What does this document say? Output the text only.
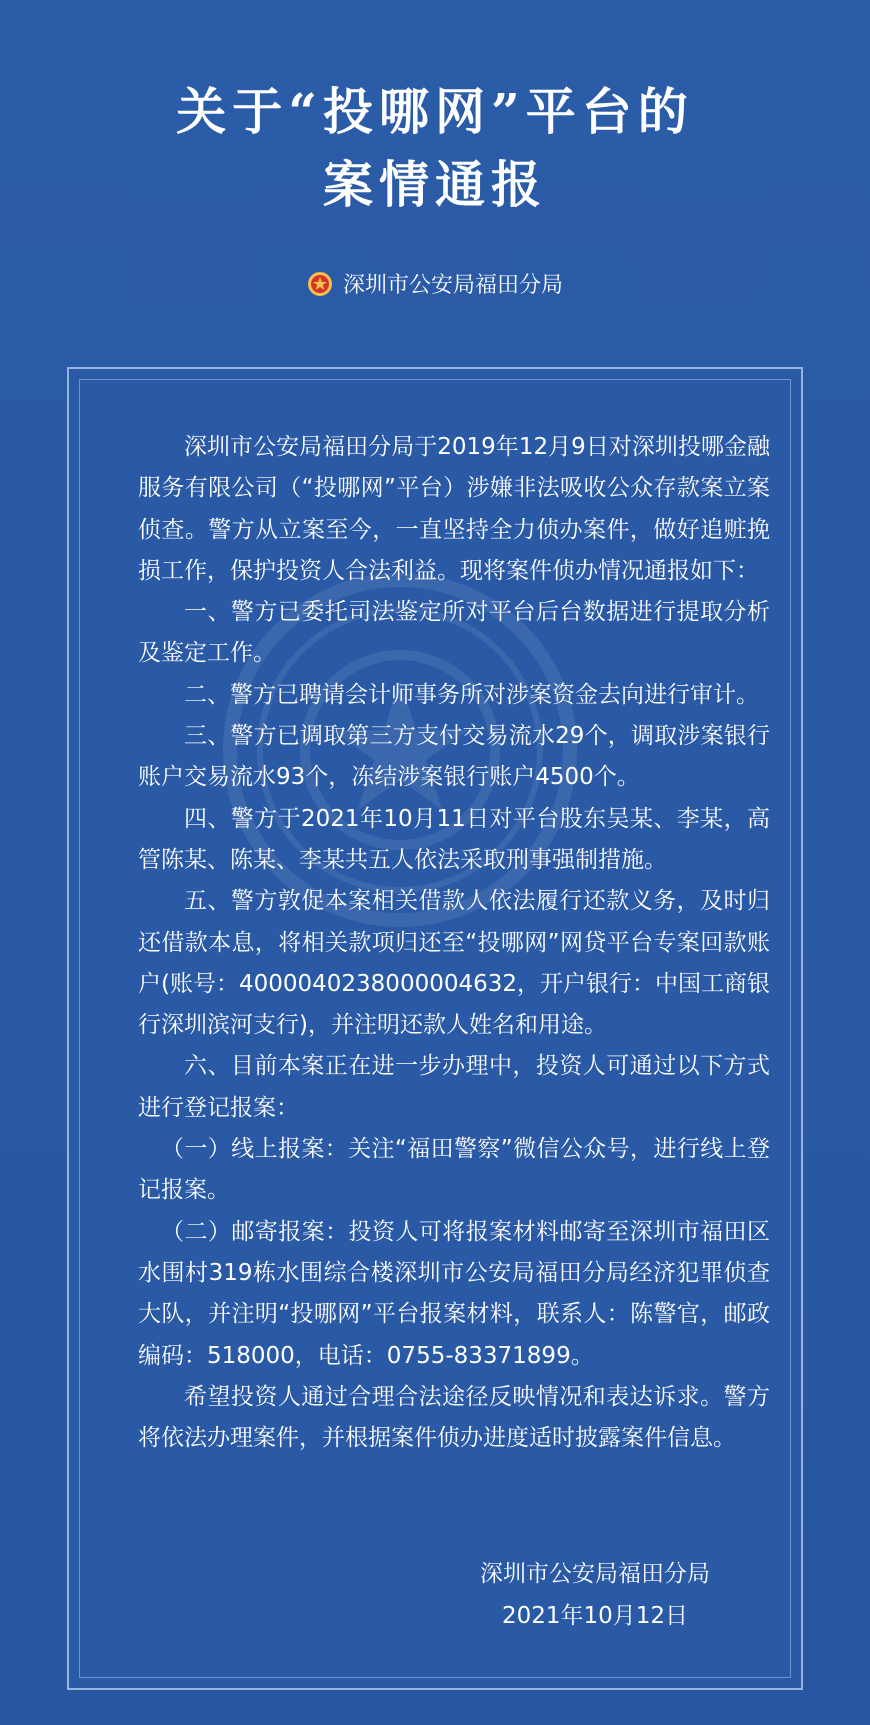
关于“投哪网”平台的
案情通报
深圳市公安局福田分局

深圳市公安局福田分局于2019年12月9日对深圳投哪金融服务有限公司（“投哪网”平台）涉嫌非法吸收公众存款案立案侦查。警方从立案至今，一直坚持全力侦办案件，做好追赃挽损工作，保护投资人合法利益。现将案件侦办情况通报如下：

一、警方已委托司法鉴定所对平台后台数据进行提取分析及鉴定工作。

二、警方已聘请会计师事务所对涉案资金去向进行审计。

三、警方已调取第三方支付交易流水29个，调取涉案银行账户交易流水93个，冻结涉案银行账户4500个。

四、警方于2021年10月11日对平台股东吴某、李某，高管陈某、陈某、李某共五人依法采取刑事强制措施。

五、警方敦促本案相关借款人依法履行还款义务，及时归还借款本息，将相关款项归还至“投哪网”网贷平台专案回款账户(账号：4000040238000004632，开户银行：中国工商银行深圳滨河支行)，并注明还款人姓名和用途。

六、目前本案正在进一步办理中，投资人可通过以下方式进行登记报案：

（一）线上报案：关注“福田警察”微信公众号，进行线上登记报案。

（二）邮寄报案：投资人可将报案材料邮寄至深圳市福田区水围村319栋水围综合楼深圳市公安局福田分局经济犯罪侦查大队，并注明“投哪网”平台报案材料，联系人：陈警官，邮政编码：518000，电话：0755-83371899。

希望投资人通过合理合法途径反映情况和表达诉求。警方将依法办理案件，并根据案件侦办进度适时披露案件信息。

深圳市公安局福田分局
2021年10月12日
